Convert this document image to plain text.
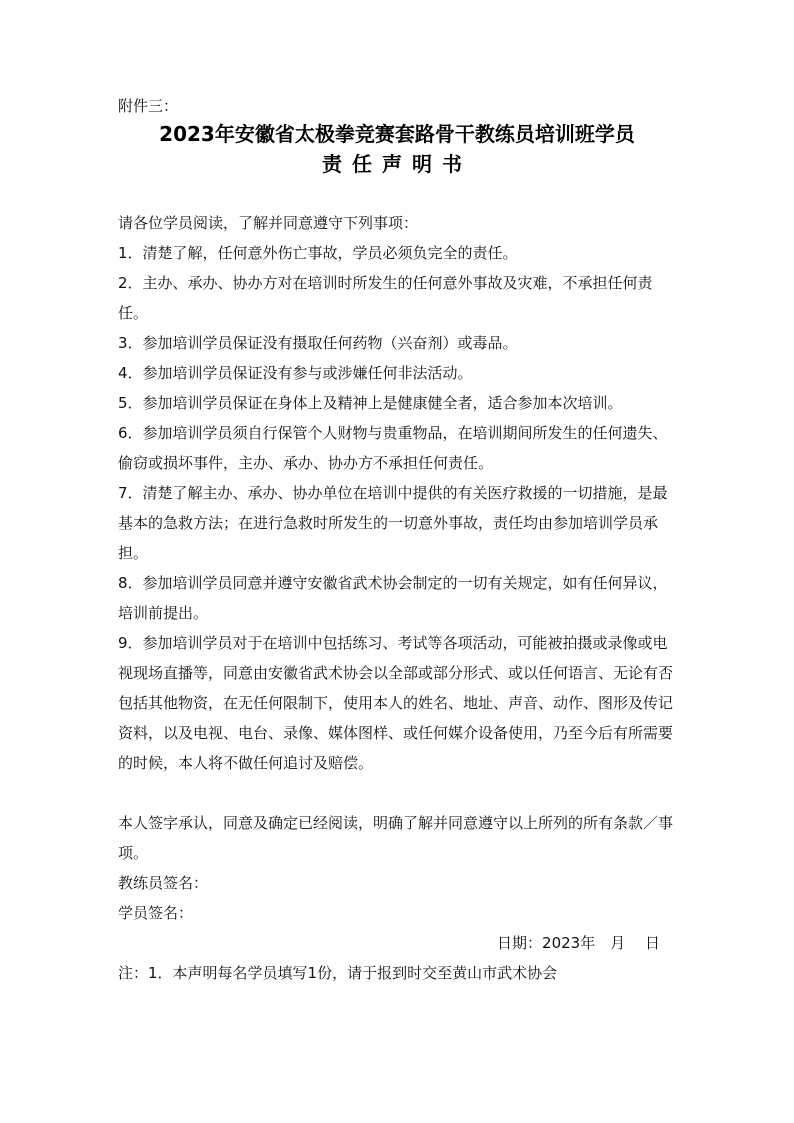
附件三：
2023年安徽省太极拳竞赛套路骨干教练员培训班学员
责任声明书

请各位学员阅读，了解并同意遵守下列事项：

1．清楚了解，任何意外伤亡事故，学员必须负完全的责任。

2．主办、承办、协办方对在培训时所发生的任何意外事故及灾难，不承担任何责任。

3．参加培训学员保证没有摄取任何药物（兴奋剂）或毒品。

4．参加培训学员保证没有参与或涉嫌任何非法活动。

5．参加培训学员保证在身体上及精神上是健康健全者，适合参加本次培训。

6．参加培训学员须自行保管个人财物与贵重物品，在培训期间所发生的任何遗失、偷窃或损坏事件，主办、承办、协办方不承担任何责任。

7．清楚了解主办、承办、协办单位在培训中提供的有关医疗救援的一切措施，是最基本的急救方法；在进行急救时所发生的一切意外事故，责任均由参加培训学员承担。

8．参加培训学员同意并遵守安徽省武术协会制定的一切有关规定，如有任何异议，培训前提出。

9．参加培训学员对于在培训中包括练习、考试等各项活动，可能被拍摄或录像或电视现场直播等，同意由安徽省武术协会以全部或部分形式、或以任何语言、无论有否包括其他物资，在无任何限制下，使用本人的姓名、地址、声音、动作、图形及传记资料，以及电视、电台、录像、媒体图样、或任何媒介设备使用，乃至今后有所需要的时候，本人将不做任何追讨及赔偿。

本人签字承认，同意及确定已经阅读，明确了解并同意遵守以上所列的所有条款／事项。

教练员签名：

学员签名：

日期：2023年　月　 日

注：1．本声明每名学员填写1份，请于报到时交至黄山市武术协会
